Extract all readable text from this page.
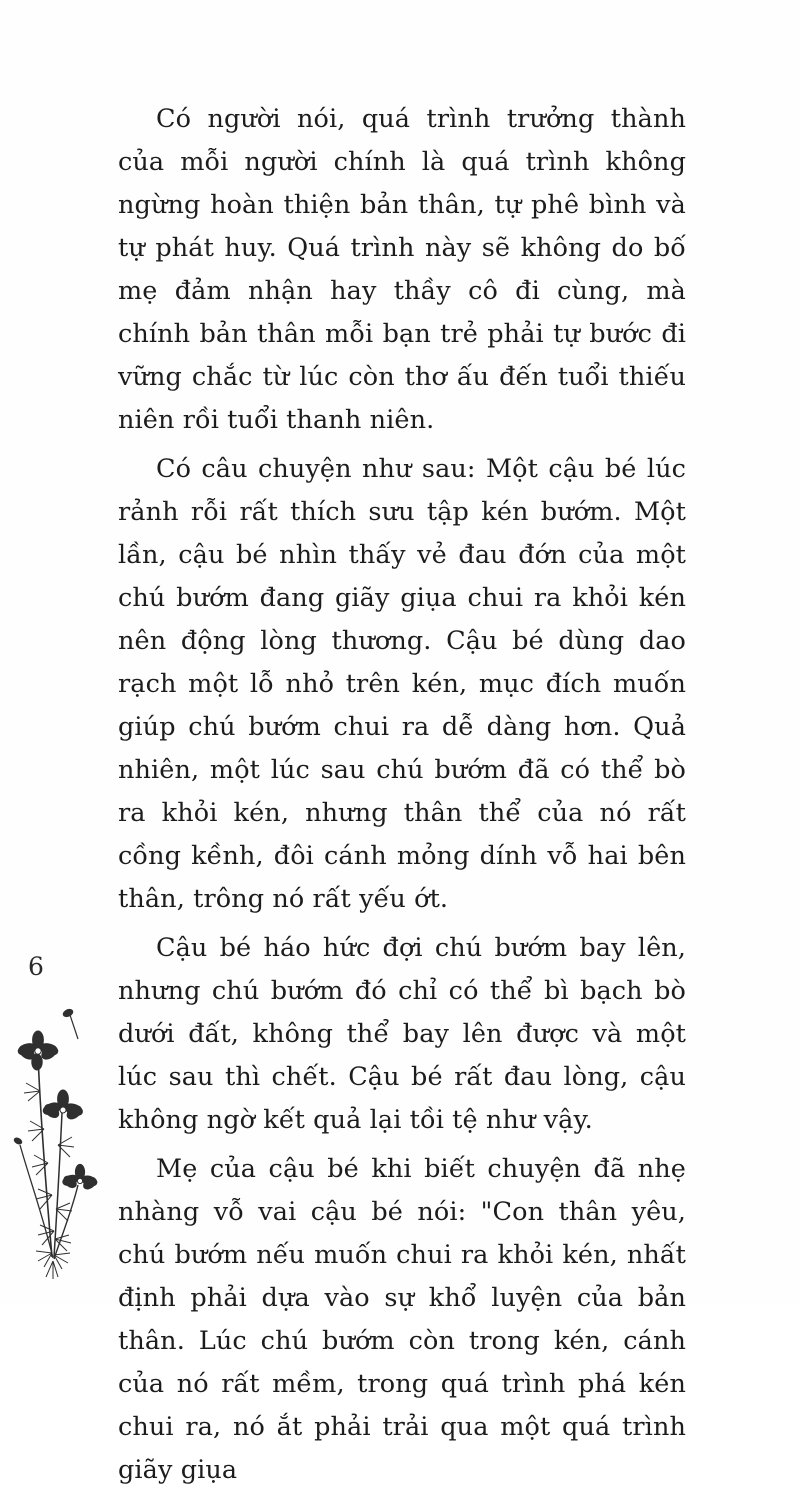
Có người nói, quá trình trưởng thành của mỗi người chính là quá trình không ngừng hoàn thiện bản thân, tự phê bình và tự phát huy. Quá trình này sẽ không do bố mẹ đảm nhận hay thầy cô đi cùng, mà chính bản thân mỗi bạn trẻ phải tự bước đi vững chắc từ lúc còn thơ ấu đến tuổi thiếu niên rồi tuổi thanh niên.

Có câu chuyện như sau: Một cậu bé lúc rảnh rỗi rất thích sưu tập kén bướm. Một lần, cậu bé nhìn thấy vẻ đau đớn của một chú bướm đang giãy giụa chui ra khỏi kén nên động lòng thương. Cậu bé dùng dao rạch một lỗ nhỏ trên kén, mục đích muốn giúp chú bướm chui ra dễ dàng hơn. Quả nhiên, một lúc sau chú bướm đã có thể bò ra khỏi kén, nhưng thân thể của nó rất cồng kềnh, đôi cánh mỏng dính vỗ hai bên thân, trông nó rất yếu ớt.

Cậu bé háo hức đợi chú bướm bay lên, nhưng chú bướm đó chỉ có thể bì bạch bò dưới đất, không thể bay lên được và một lúc sau thì chết. Cậu bé rất đau lòng, cậu không ngờ kết quả lại tồi tệ như vậy.

Mẹ của cậu bé khi biết chuyện đã nhẹ nhàng vỗ vai cậu bé nói: "Con thân yêu, chú bướm nếu muốn chui ra khỏi kén, nhất định phải dựa vào sự khổ luyện của bản thân. Lúc chú bướm còn trong kén, cánh của nó rất mềm, trong quá trình phá kén chui ra, nó ắt phải trải qua một quá trình giãy giụa

6
